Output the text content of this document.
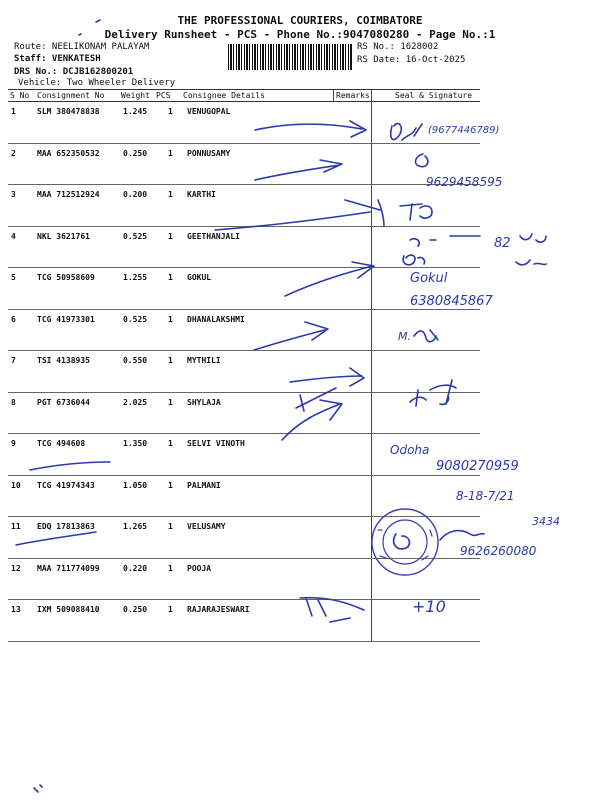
THE PROFESSIONAL COURIERS, COIMBATORE
Delivery Runsheet - PCS - Phone No.:9047080280 - Page No.:1
Route: NEELIKONAM PALAYAM
Staff: VENKATESH
DRS No.: DCJB162800201
Vehicle: Two Wheeler Delivery
RS No.: 1628002
RS Date: 16-Oct-2025
S No Consignment No Weight PCS Consignee Details	Remarks	Seal & Signature
1	SLM 380478838	1.245	1 VENUGOPAL
2	MAA 652350532	0.250	1 PONNUSAMY
3	MAA 712512924	0.200	1 KARTHI
4	NKL 3621761	0.525	1 GEETHANJALI
5	TCG 50958609	1.255	1 GOKUL
6	TCG 41973301	0.525	1 DHANALAKSHMI
7	TSI 4138935	0.550	1 MYTHILI
8	PGT 6736044	2.025	1 SHYLAJA
9	TCG 494608	1.350	1 SELVI VINOTH
10 TCG 41974343	1.050	1 PALMANI
11 EDQ 17813863	1.265	1 VELUSAMY
12 MAA 711774099	0.220	1 POOJA
13 IXM 509088410	0.250	1 RAJARAJESWARI
(9677446789)
9629458595
82
Gokul
6380845867
M.
Odoha
9080270959
8-18-7/21
3434
9626260080
+10
